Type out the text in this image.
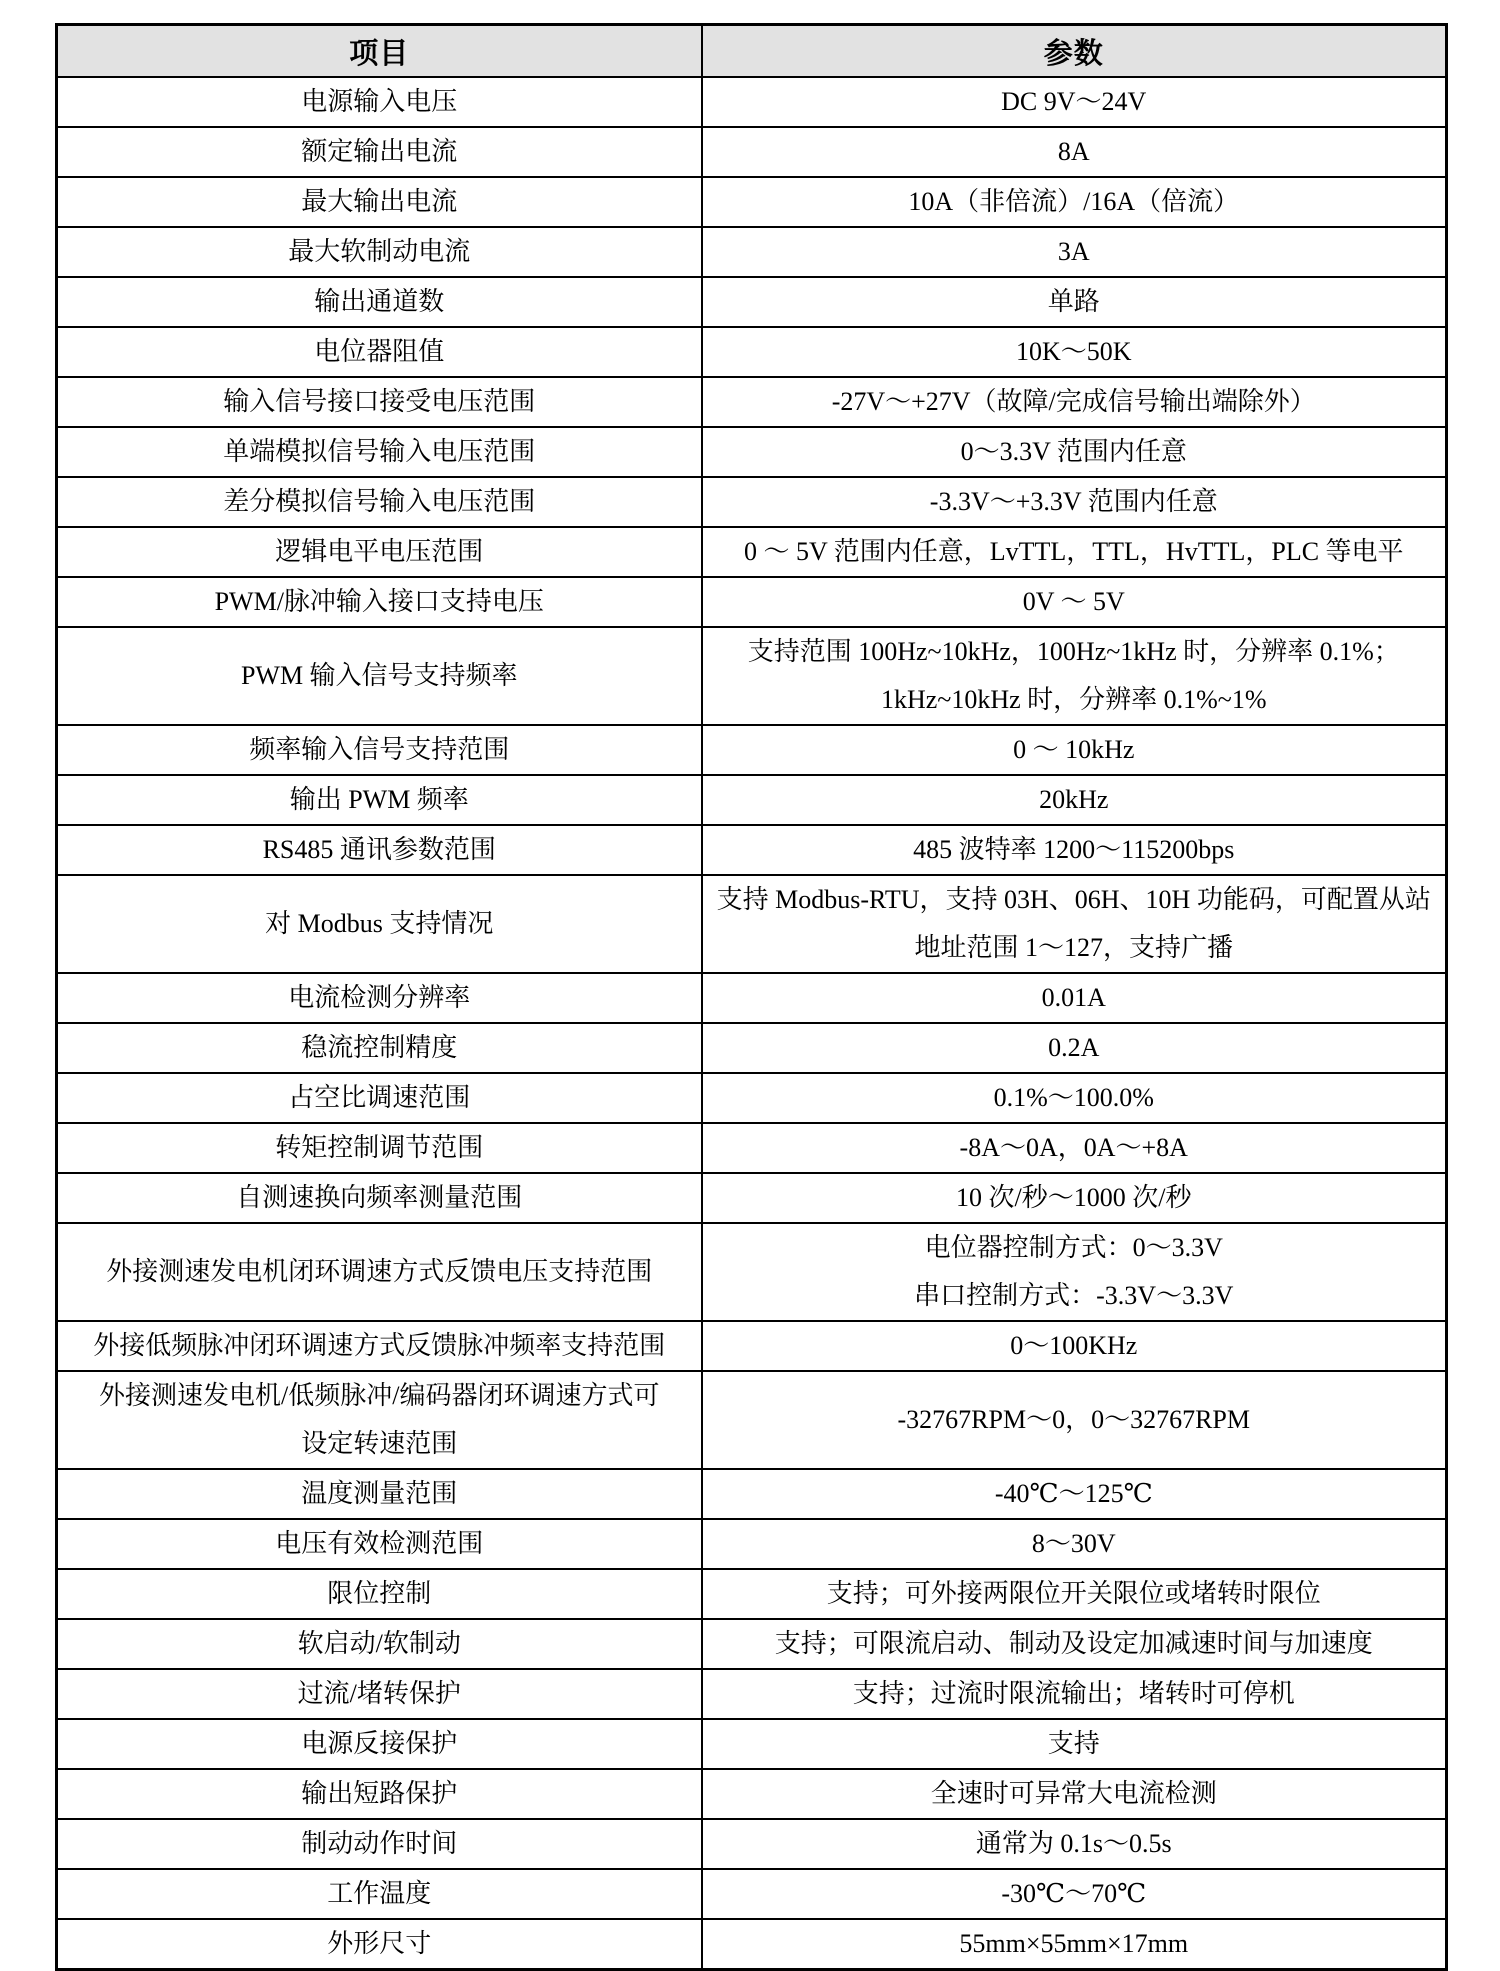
项目	参数

电源输入电压	DC 9V～24V

额定输出电流	8A

最大输出电流	10A（非倍流）/16A（倍流）

最大软制动电流	3A

输出通道数	单路

电位器阻值	10K～50K

输入信号接口接受电压范围	-27V～+27V（故障/完成信号输出端除外）

单端模拟信号输入电压范围	0～3.3V 范围内任意

差分模拟信号输入电压范围	-3.3V～+3.3V 范围内任意

逻辑电平电压范围	0 ～ 5V 范围内任意，LvTTL，TTL，HvTTL，PLC 等电平

PWM/脉冲输入接口支持电压	0V ～ 5V

PWM 输入信号支持频率	支持范围 100Hz~10kHz，100Hz~1kHz 时，分辨率 0.1%；
1kHz~10kHz 时，分辨率 0.1%~1%

频率输入信号支持范围	0 ～ 10kHz

输出 PWM 频率	20kHz

RS485 通讯参数范围	485 波特率 1200～115200bps

对 Modbus 支持情况	支持 Modbus-RTU，支持 03H、06H、10H 功能码，可配置从站
地址范围 1～127，支持广播

电流检测分辨率	0.01A

稳流控制精度	0.2A

占空比调速范围	0.1%～100.0%

转矩控制调节范围	-8A～0A，0A～+8A

自测速换向频率测量范围	10 次/秒～1000 次/秒

外接测速发电机闭环调速方式反馈电压支持范围	电位器控制方式：0～3.3V
串口控制方式：-3.3V～3.3V

外接低频脉冲闭环调速方式反馈脉冲频率支持范围	0～100KHz

外接测速发电机/低频脉冲/编码器闭环调速方式可
设定转速范围	-32767RPM～0，0～32767RPM

温度测量范围	-40℃～125℃

电压有效检测范围	8～30V

限位控制	支持；可外接两限位开关限位或堵转时限位

软启动/软制动	支持；可限流启动、制动及设定加减速时间与加速度

过流/堵转保护	支持；过流时限流输出；堵转时可停机

电源反接保护	支持

输出短路保护	全速时可异常大电流检测

制动动作时间	通常为 0.1s～0.5s

工作温度	-30℃～70℃

外形尺寸	55mm×55mm×17mm
